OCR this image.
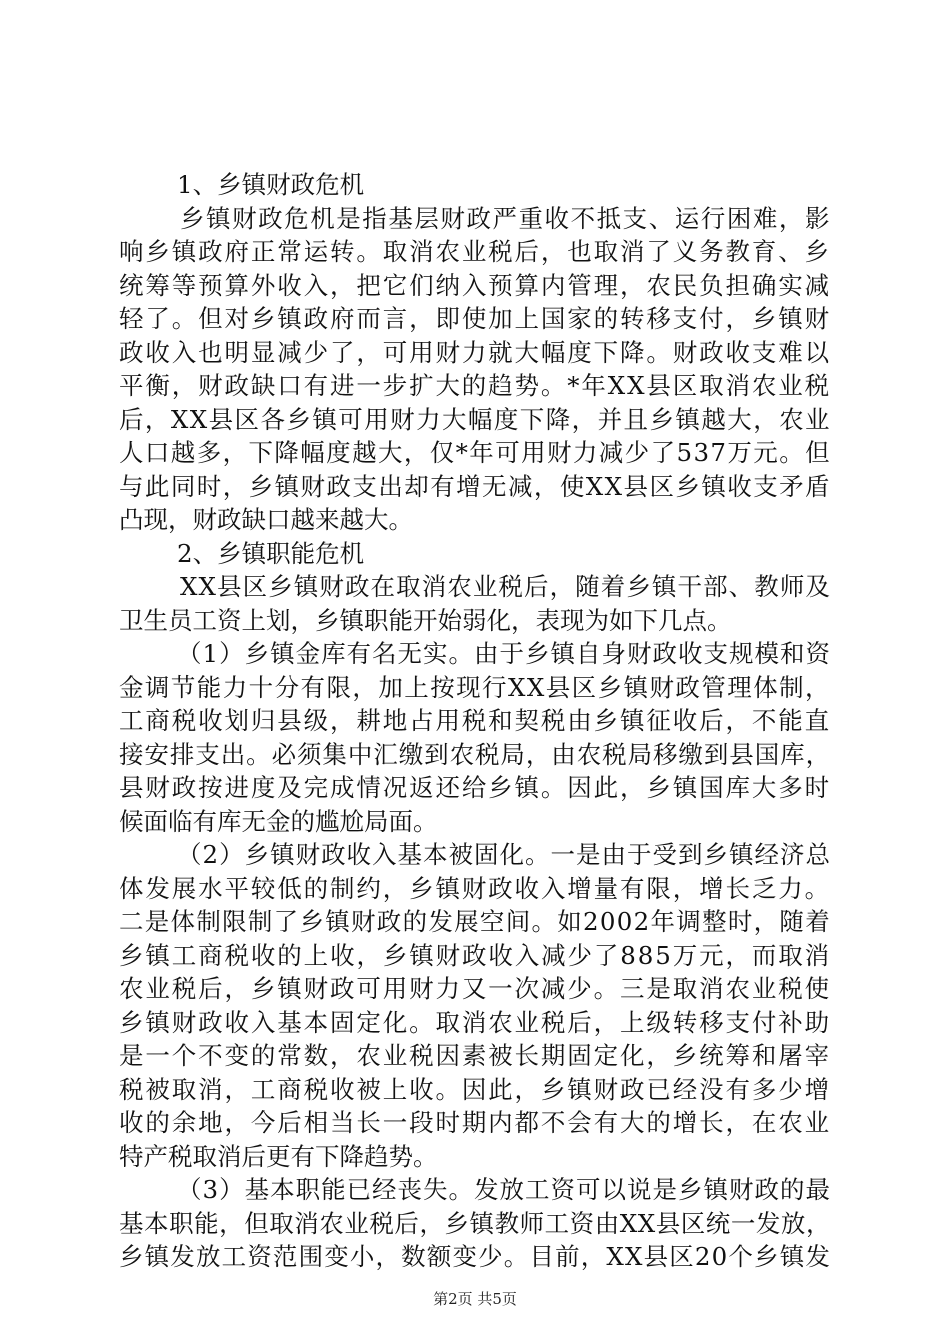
1、乡镇财政危机
乡镇财政危机是指基层财政严重收不抵支、运行困难，影
响乡镇政府正常运转。取消农业税后，也取消了义务教育、乡
统筹等预算外收入，把它们纳入预算内管理，农民负担确实减
轻了。但对乡镇政府而言，即使加上国家的转移支付，乡镇财
政收入也明显减少了，可用财力就大幅度下降。财政收支难以
平衡，财政缺口有进一步扩大的趋势。*年XX县区取消农业税
后，XX县区各乡镇可用财力大幅度下降，并且乡镇越大，农业
人口越多，下降幅度越大，仅*年可用财力减少了537万元。但
与此同时，乡镇财政支出却有增无减，使XX县区乡镇收支矛盾
凸现，财政缺口越来越大。
2、乡镇职能危机
XX县区乡镇财政在取消农业税后，随着乡镇干部、教师及
卫生员工资上划，乡镇职能开始弱化，表现为如下几点。
（1）乡镇金库有名无实。由于乡镇自身财政收支规模和资
金调节能力十分有限，加上按现行XX县区乡镇财政管理体制，
工商税收划归县级，耕地占用税和契税由乡镇征收后，不能直
接安排支出。必须集中汇缴到农税局，由农税局移缴到县国库，
县财政按进度及完成情况返还给乡镇。因此，乡镇国库大多时
候面临有库无金的尴尬局面。
（2）乡镇财政收入基本被固化。一是由于受到乡镇经济总
体发展水平较低的制约，乡镇财政收入增量有限，增长乏力。
二是体制限制了乡镇财政的发展空间。如2002年调整时，随着
乡镇工商税收的上收，乡镇财政收入减少了885万元，而取消
农业税后，乡镇财政可用财力又一次减少。三是取消农业税使
乡镇财政收入基本固定化。取消农业税后，上级转移支付补助
是一个不变的常数，农业税因素被长期固定化，乡统筹和屠宰
税被取消，工商税收被上收。因此，乡镇财政已经没有多少增
收的余地，今后相当长一段时期内都不会有大的增长，在农业
特产税取消后更有下降趋势。
（3）基本职能已经丧失。发放工资可以说是乡镇财政的最
基本职能，但取消农业税后，乡镇教师工资由XX县区统一发放，
乡镇发放工资范围变小，数额变少。目前，XX县区20个乡镇发
第2页 共5页
